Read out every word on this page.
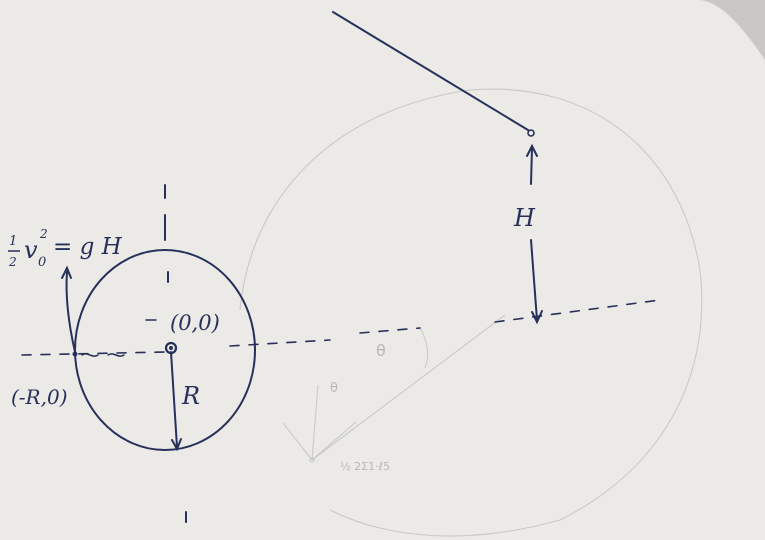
θ
θ
½ 2Σ1·ℓ5
1
2 v 0
2 = g H
(0,0)
(-R,0)	R
H
